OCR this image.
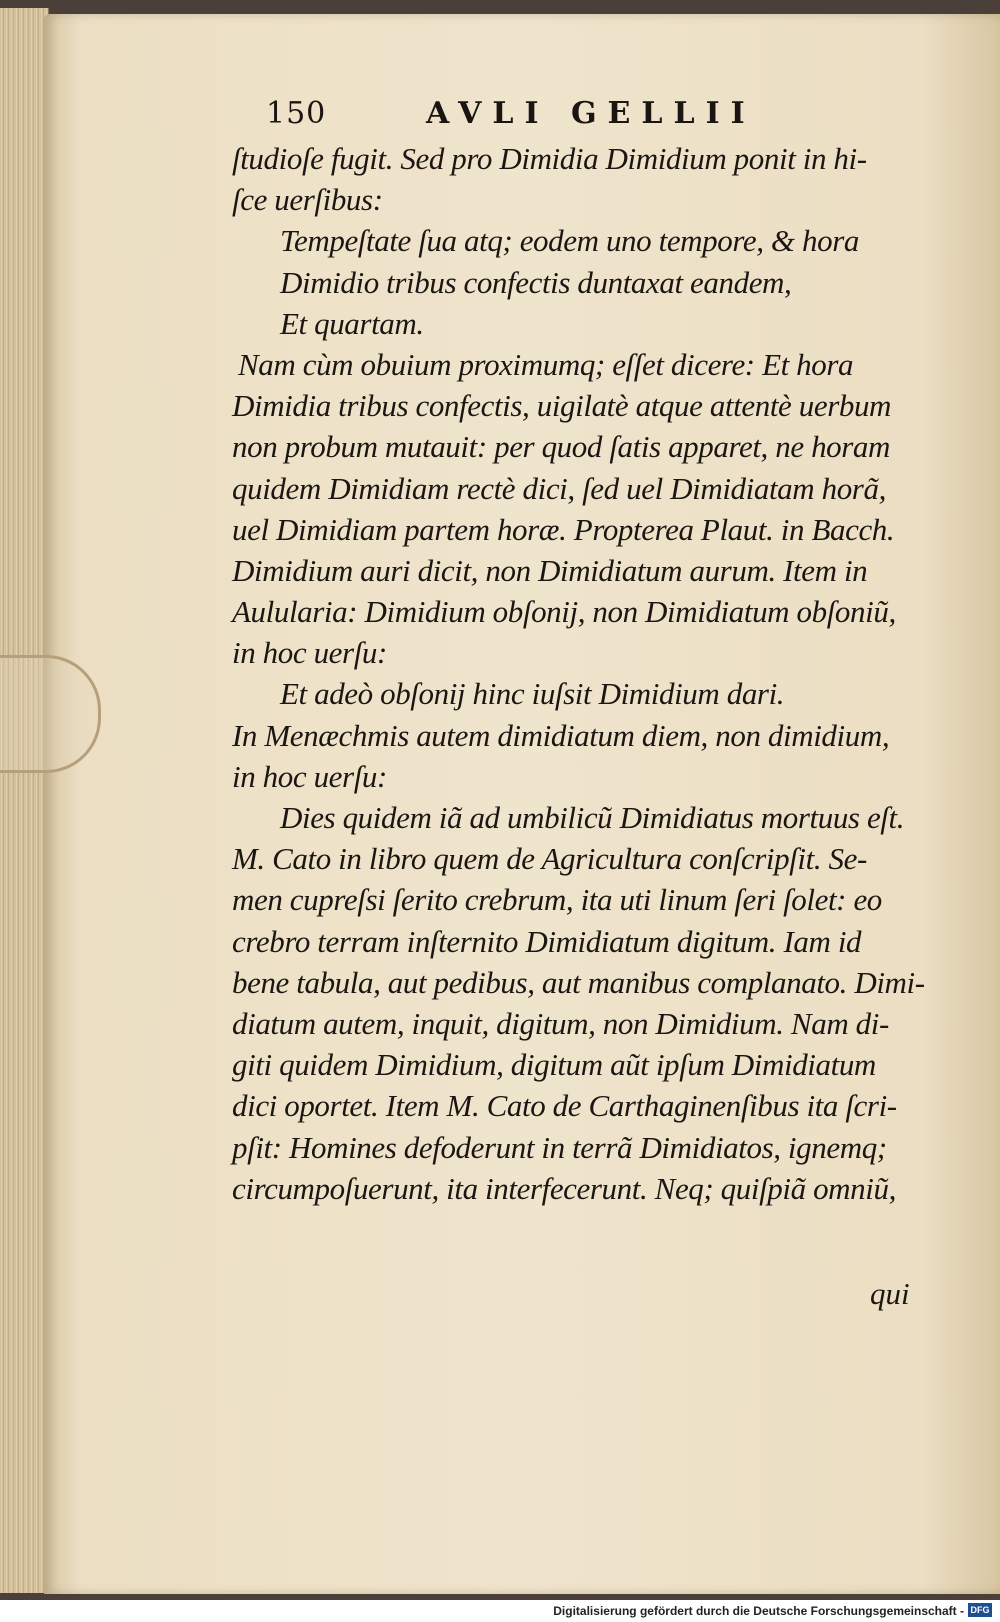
150	AVLI GELLII
ſtudioſe fugit. Sed pro Dimidia Dimidium ponit in hi-
ſce uerſibus:
Tempeſtate ſua atq; eodem uno tempore, & hora
Dimidio tribus confectis duntaxat eandem,
Et quartam.
Nam cùm obuium proximumq; eſſet dicere: Et hora
Dimidia tribus confectis, uigilatè atque attentè uerbum
non probum mutauit: per quod ſatis apparet, ne horam
quidem Dimidiam rectè dici, ſed uel Dimidiatam horã,
uel Dimidiam partem horæ. Propterea Plaut. in Bacch.
Dimidium auri dicit, non Dimidiatum aurum. Item in
Aulularia: Dimidium obſonij, non Dimidiatum obſoniũ,
in hoc uerſu:
Et adeò obſonij hinc iuſsit Dimidium dari.
In Menæchmis autem dimidiatum diem, non dimidium,
in hoc uerſu:
Dies quidem iã ad umbilicũ Dimidiatus mortuus eſt.
M. Cato in libro quem de Agricultura conſcripſit. Se-
men cupreſsi ſerito crebrum, ita uti linum ſeri ſolet: eo
crebro terram inſternito Dimidiatum digitum. Iam id
bene tabula, aut pedibus, aut manibus complanato. Dimi-
diatum autem, inquit, digitum, non Dimidium. Nam di-
giti quidem Dimidium, digitum aũt ipſum Dimidiatum
dici oportet. Item M. Cato de Carthaginenſibus ita ſcri-
pſit: Homines defoderunt in terrã Dimidiatos, ignemq;
circumpoſuerunt, ita interfecerunt. Neq; quiſpiã omniũ,
qui
Digitalisierung gefördert durch die Deutsche Forschungsgemeinschaft - DFG
